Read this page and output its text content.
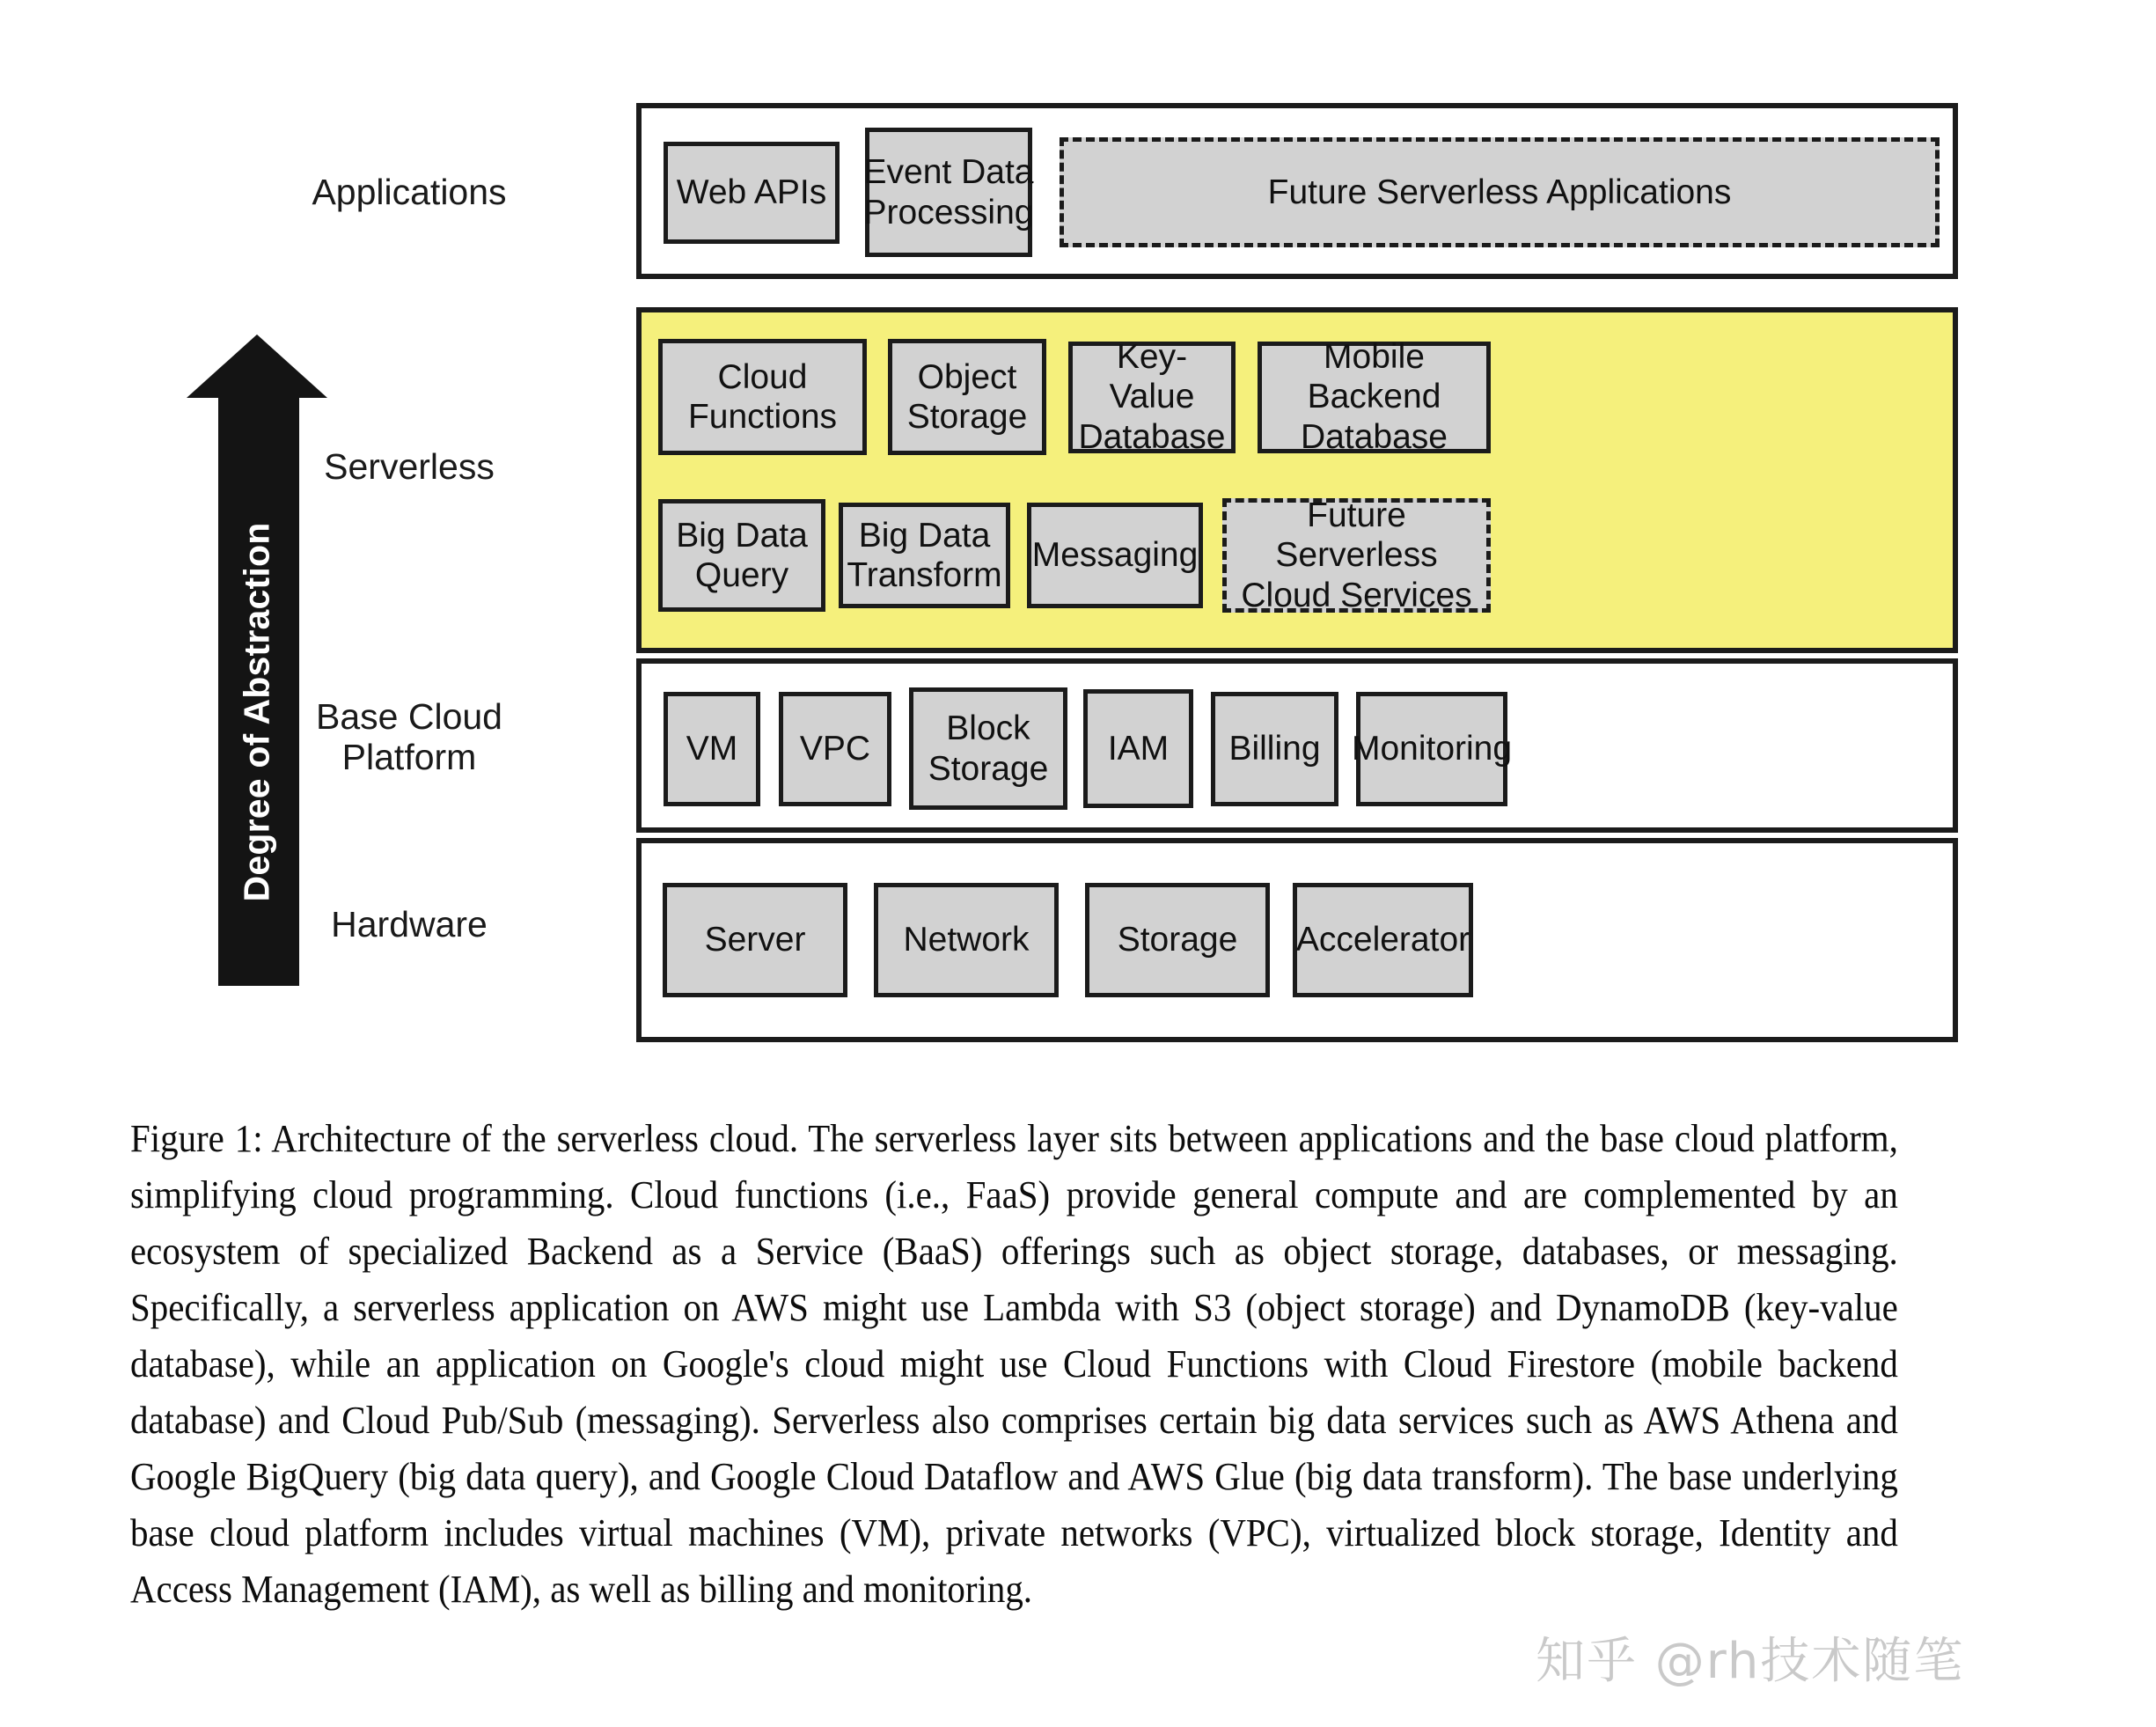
Degree of Abstraction
Applications
Serverless
Base Cloud
Platform
Hardware
Web APIs
Event Data
Processing
Future Serverless Applications
Cloud
Functions
Object
Storage
Key-Value
Database
Mobile Backend
Database
Big Data
Query
Big Data
Transform
Messaging
Future Serverless
Cloud Services
VM	VPC
Block
Storage
IAM	Billing Monitoring
Server	Network	Storage	Accelerator
Figure 1: Architecture of the serverless cloud. The serverless layer sits between applications and the base cloud platform, simplifying cloud programming. Cloud functions (i.e., FaaS) provide general compute and are complemented by an ecosystem of specialized Backend as a Service (BaaS) offerings such as object storage, databases, or messaging. Specifically, a serverless application on AWS might use Lambda with S3 (object storage) and DynamoDB (key-value database), while an application on Google's cloud might use Cloud Functions with Cloud Firestore (mobile backend database) and Cloud Pub/Sub (messaging). Serverless also comprises certain big data services such as AWS Athena and Google BigQuery (big data query), and Google Cloud Dataflow and AWS Glue (big data transform). The base underlying base cloud platform includes virtual machines (VM), private networks (VPC), virtualized block storage, Identity and Access Management (IAM), as well as billing and monitoring.
知乎 @rh技术随笔
